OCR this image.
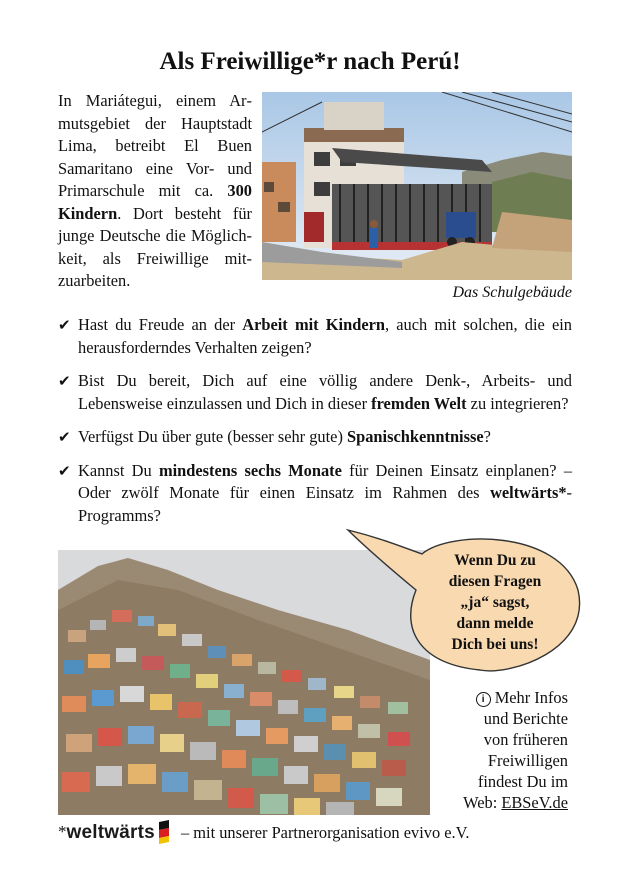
Als Freiwillige*r nach Perú!
In Mariátegui, einem Armutsgebiet der Hauptstadt Lima, betreibt El Buen Samaritano eine Vor- und Primarschule mit ca. 300 Kindern. Dort besteht für junge Deutsche die Möglichkeit, als Freiwillige mitzuarbeiten.
Das Schulgebäude
✔ Hast du Freude an der Arbeit mit Kindern, auch mit solchen, die ein herausforderndes Verhalten zeigen?
✔ Bist Du bereit, Dich auf eine völlig andere Denk-, Arbeits- und Lebensweise einzulassen und Dich in dieser fremden Welt zu integrieren?
✔ Verfügst Du über gute (besser sehr gute) Spanischkenntnisse?
✔ Kannst Du mindestens sechs Monate für Deinen Einsatz einplanen? – Oder zwölf Monate für einen Einsatz im Rahmen des weltwärts*-Programms?
Wenn Du zu
diesen Fragen
„ja“ sagst,
dann melde
Dich bei uns!
i Mehr Infos
und Berichte
von früheren
Freiwilligen
findest Du im
Web: EBSeV.de
*weltwärts – mit unserer Partnerorganisation evivo e.V.
